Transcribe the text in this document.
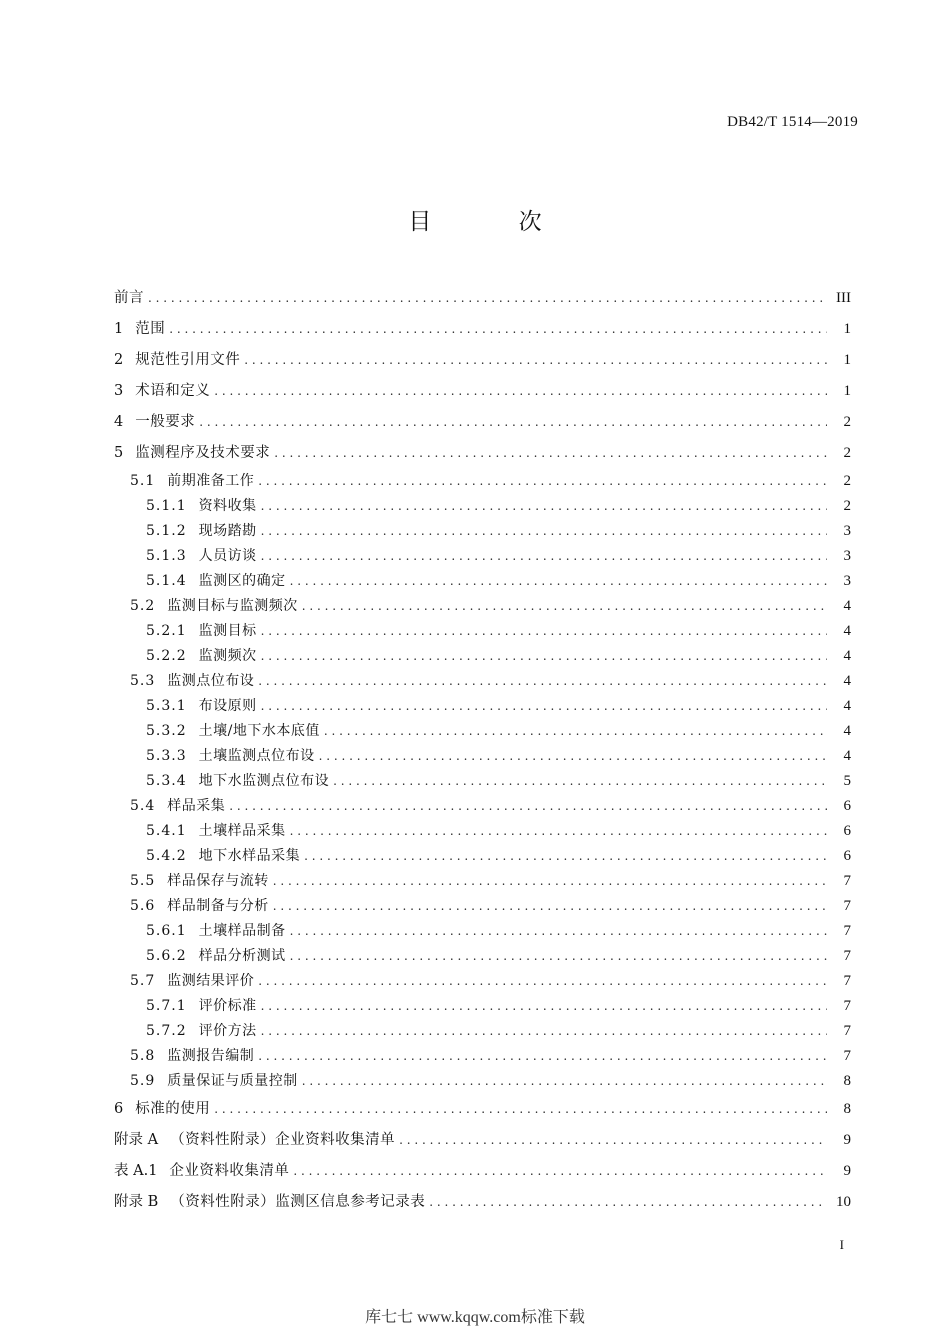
DB42/T 1514—2019
目 次
前言 . . .	III
1 范围 . . .	1
2 规范性引用文件 . . .	1
3 术语和定义 . . .	1
4 一般要求 . . .	2
5 监测程序及技术要求 . . .	2
5.1 前期准备工作 . . .	2
5.1.1 资料收集 . . .	2
5.1.2 现场踏勘 . . .	3
5.1.3 人员访谈 . . .	3
5.1.4 监测区的确定 . . .	3
5.2 监测目标与监测频次 . . .	4
5.2.1 监测目标 . . .	4
5.2.2 监测频次 . . .	4
5.3 监测点位布设 . . .	4
5.3.1 布设原则 . . .	4
5.3.2 土壤/地下水本底值 . . .	4
5.3.3 土壤监测点位布设 . . .	4
5.3.4 地下水监测点位布设 . . .	5
5.4 样品采集 . . .	6
5.4.1 土壤样品采集 . . .	6
5.4.2 地下水样品采集 . . .	6
5.5 样品保存与流转 . . .	7
5.6 样品制备与分析 . . .	7
5.6.1 土壤样品制备 . . .	7
5.6.2 样品分析测试 . . .	7
5.7 监测结果评价 . . .	7
5.7.1 评价标准 . . .	7
5.7.2 评价方法 . . .	7
5.8 监测报告编制 . . .	7
5.9 质量保证与质量控制 . . .	8
6 标准的使用 . . .	8
附录 A （资料性附录）企业资料收集清单 . . .	9
表 A.1 企业资料收集清单 . . .	9
附录 B （资料性附录）监测区信息参考记录表 . . .	10
I
库七七 www.kqqw.com标准下载
